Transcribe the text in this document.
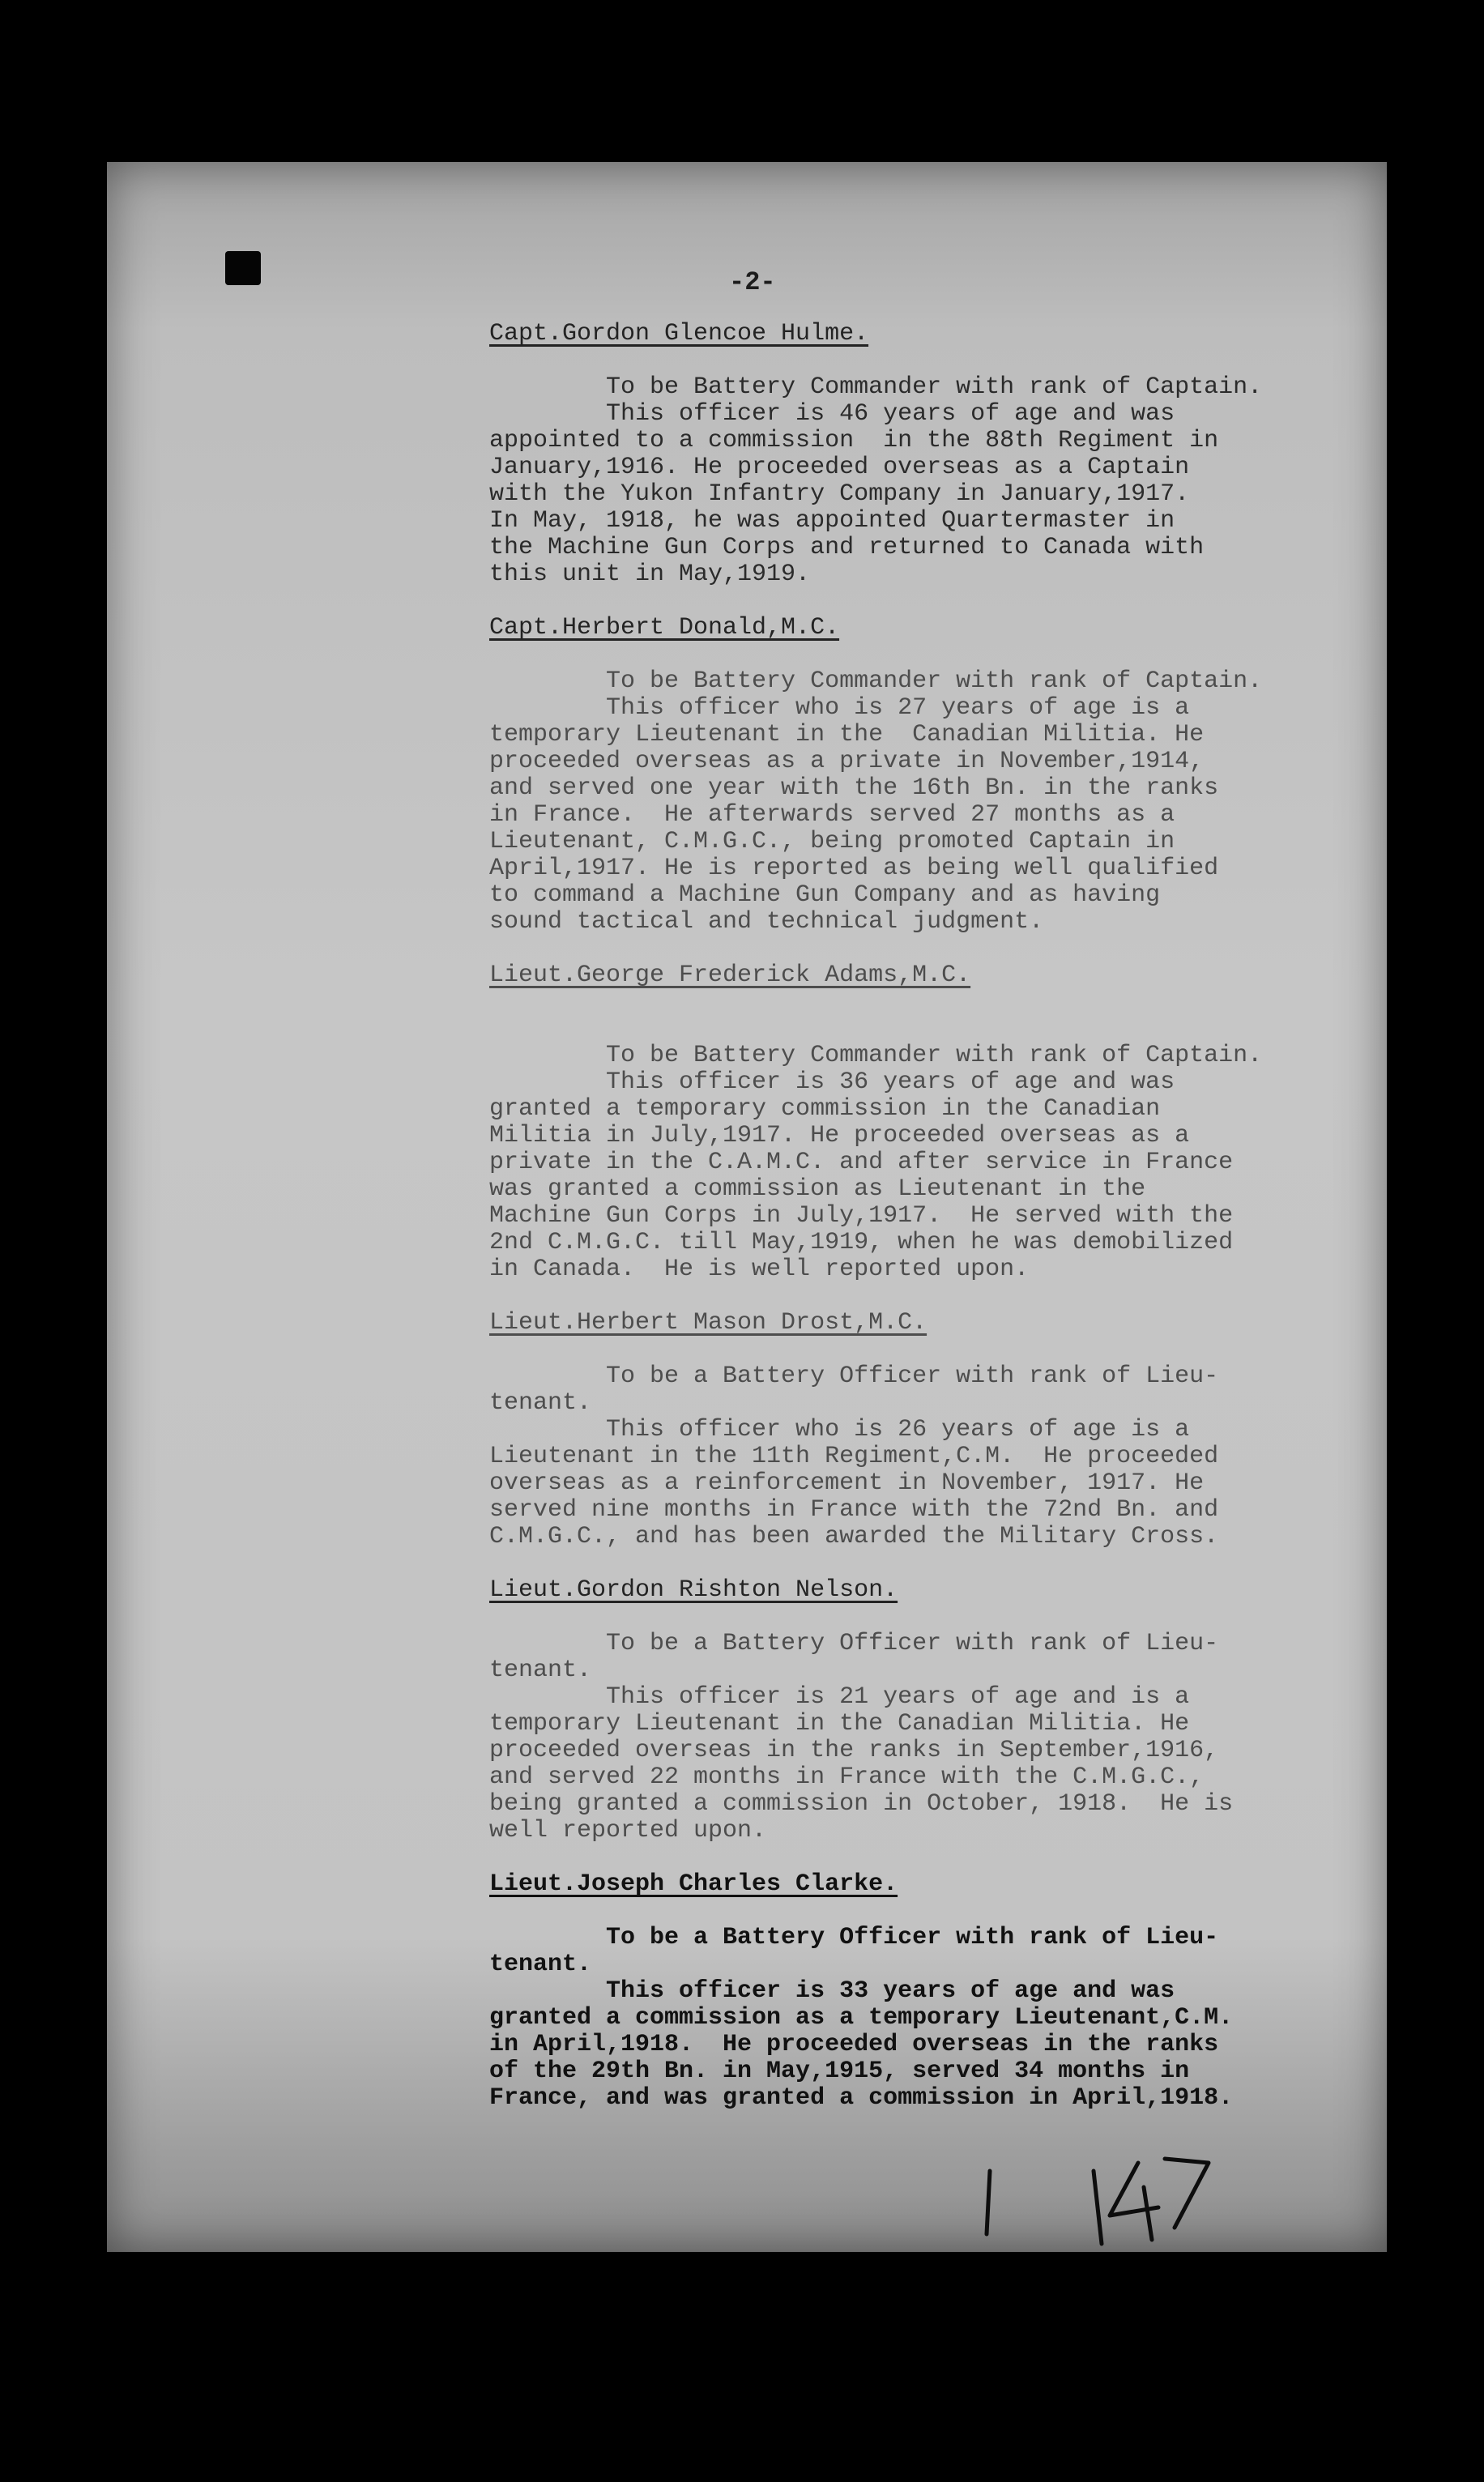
-2-
Capt.Gordon Glencoe Hulme.
To be Battery Commander with rank of Captain.
This officer is 46 years of age and was
appointed to a commission  in the 88th Regiment in
January,1916. He proceeded overseas as a Captain
with the Yukon Infantry Company in January,1917.
In May, 1918, he was appointed Quartermaster in
the Machine Gun Corps and returned to Canada with
this unit in May,1919.
Capt.Herbert Donald,M.C.
To be Battery Commander with rank of Captain.
This officer who is 27 years of age is a
temporary Lieutenant in the  Canadian Militia. He
proceeded overseas as a private in November,1914,
and served one year with the 16th Bn. in the ranks
in France.  He afterwards served 27 months as a
Lieutenant, C.M.G.C., being promoted Captain in
April,1917. He is reported as being well qualified
to command a Machine Gun Company and as having
sound tactical and technical judgment.
Lieut.George Frederick Adams,M.C.
To be Battery Commander with rank of Captain.
This officer is 36 years of age and was
granted a temporary commission in the Canadian
Militia in July,1917. He proceeded overseas as a
private in the C.A.M.C. and after service in France
was granted a commission as Lieutenant in the
Machine Gun Corps in July,1917.  He served with the
2nd C.M.G.C. till May,1919, when he was demobilized
in Canada.  He is well reported upon.
Lieut.Herbert Mason Drost,M.C.
To be a Battery Officer with rank of Lieu-
tenant.
This officer who is 26 years of age is a
Lieutenant in the 11th Regiment,C.M.  He proceeded
overseas as a reinforcement in November, 1917. He
served nine months in France with the 72nd Bn. and
C.M.G.C., and has been awarded the Military Cross.
Lieut.Gordon Rishton Nelson.
To be a Battery Officer with rank of Lieu-
tenant.
This officer is 21 years of age and is a
temporary Lieutenant in the Canadian Militia. He
proceeded overseas in the ranks in September,1916,
and served 22 months in France with the C.M.G.C.,
being granted a commission in October, 1918.  He is
well reported upon.
Lieut.Joseph Charles Clarke.
To be a Battery Officer with rank of Lieu-
tenant.
This officer is 33 years of age and was
granted a commission as a temporary Lieutenant,C.M.
in April,1918.  He proceeded overseas in the ranks
of the 29th Bn. in May,1915, served 34 months in
France, and was granted a commission in April,1918.
